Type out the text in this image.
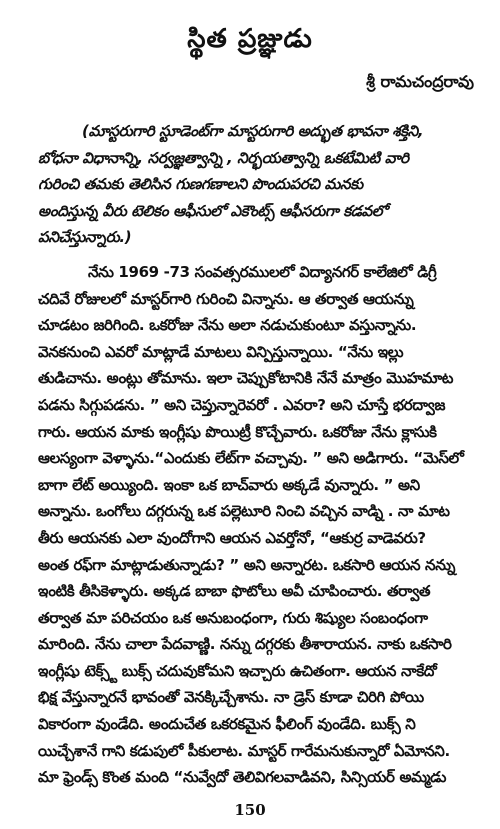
స్థిత ప్రజ్ఞుడు
శ్రీ రామచంద్రరావు
(మాస్టరుగారి స్టూడెంట్‌గా మాస్టరుగారి అద్భుత భావనా శక్తిని,
బోధనా విధానాన్ని, సర్వజ్ఞత్వాన్ని , నిర్భయత్వాన్ని ఒకటేమిటి వారి
గురించి తమకు తెలిసిన గుణగణాలని పొందుపరచి మనకు
అందిస్తున్న వీరు టెలికం ఆఫీసులో ఎకౌంట్స్ ఆఫీసరుగా కడవలో
పనిచేస్తున్నారు.)
నేను 1969 -73 సంవత్సరములలో విద్యానగర్ కాలేజిలో డిగ్రీ
చదివే రోజులలో మాస్టర్‌గారి గురించి విన్నాను. ఆ తర్వాత ఆయన్ను
చూడటం జరిగింది. ఒకరోజు నేను అలా నడుచుకుంటూ వస్తున్నాను.
వెనకనుంచి ఎవరో మాట్లాడే మాటలు విన్పిస్తున్నాయి. “నేను ఇల్లు
తుడిచాను. అంట్లు తోమాను. ఇలా చెప్పుకోటానికి నేనే మాత్రం మొహమాట
పడను సిగ్గుపడను. ” అని చెప్తున్నారెవరో . ఎవరా? అని చూస్తే భరద్వాజ
గారు. ఆయన మాకు ఇంగ్లీషు పొయిట్రీ కొచ్చేవారు. ఒకరోజు నేను క్లాసుకి
ఆలస్యంగా వెళ్ళాను.“ఎందుకు లేట్‌గా వచ్చావు. ” అని అడిగారు. “మెస్‌లో
బాగా లేట్ అయ్యింది. ఇంకా ఒక బాచ్‌వారు అక్కడే వున్నారు. ” అని
అన్నాను. ఒంగోలు దగ్గరున్న ఒక పల్లెటూరి నించి వచ్చిన వాడ్ని . నా మాట
తీరు ఆయనకు ఎలా వుందోగాని ఆయన ఎవర్తోనో, “ఆకుర్ర వాడెవరు?
అంత రఫ్‌గా మాట్లాడుతున్నాడు? ” అని అన్నారట. ఒకసారి ఆయన నన్ను
ఇంటికి తీసికెళ్ళారు. అక్కడ బాబా ఫొటోలు అవీ చూపించారు. తర్వాత
తర్వాత మా పరిచయం ఒక అనుబంధంగా, గురు శిష్యుల సంబంధంగా
మారింది. నేను చాలా పేదవాణ్ణి. నన్ను దగ్గరకు తీశారాయన. నాకు ఒకసారి
ఇంగ్లీషు టెక్స్ట్ బుక్స్ చదువుకోమని ఇచ్చారు ఉచితంగా. ఆయన నాకేదో
భిక్ష వేస్తున్నారనే భావంతో వెనక్కిచ్చేశాను. నా డ్రెస్ కూడా చిరిగి పోయి
వికారంగా వుండేది. అందుచేత ఒకరకమైన ఫీలింగ్ వుండేది. బుక్స్ ని
యిచ్చేశానే గాని కడుపులో పీకులాట. మాస్టర్ గారేమనుకున్నారో ఏమోనని.
మా ఫ్రెండ్స్ కొంత మంది “నువ్వేదో తెలివిగలవాడివని, సిన్సియర్ అమ్మడు
150
